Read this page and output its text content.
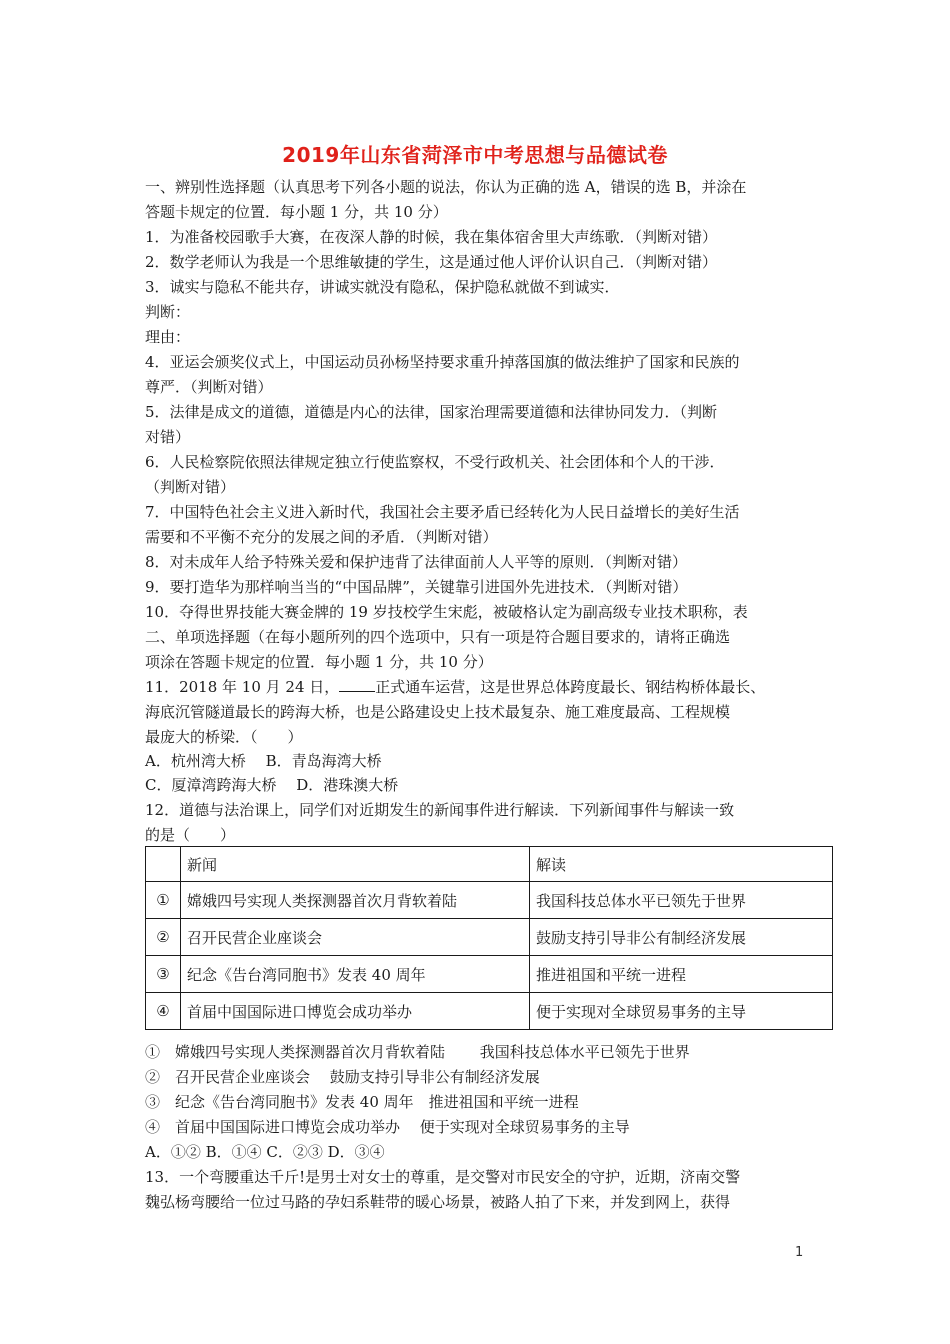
2019年山东省菏泽市中考思想与品德试卷
一、辨别性选择题（认真思考下列各小题的说法，你认为正确的选 A，错误的选 B，并涂在
答题卡规定的位置．每小题 1 分，共 10 分）
1．为准备校园歌手大赛，在夜深人静的时候，我在集体宿舍里大声练歌．（判断对错）
2．数学老师认为我是一个思维敏捷的学生，这是通过他人评价认识自己．（判断对错）
3．诚实与隐私不能共存，讲诚实就没有隐私，保护隐私就做不到诚实．
判断：
理由：
4．亚运会颁奖仪式上，中国运动员孙杨坚持要求重升掉落国旗的做法维护了国家和民族的
尊严．（判断对错）
5．法律是成文的道德，道德是内心的法律，国家治理需要道德和法律协同发力．（判断
对错）
6．人民检察院依照法律规定独立行使监察权，不受行政机关、社会团体和个人的干涉．
（判断对错）
7．中国特色社会主义进入新时代，我国社会主要矛盾已经转化为人民日益增长的美好生活
需要和不平衡不充分的发展之间的矛盾．（判断对错）
8．对未成年人给予特殊关爱和保护违背了法律面前人人平等的原则．（判断对错）
9．要打造华为那样响当当的“中国品牌”，关键靠引进国外先进技术．（判断对错）
10．夺得世界技能大赛金牌的 19 岁技校学生宋彪，被破格认定为副高级专业技术职称，表
二、单项选择题（在每小题所列的四个选项中，只有一项是符合题目要求的，请将正确选
项涂在答题卡规定的位置．每小题 1 分，共 10 分）
11．2018 年 10 月 24 日， 正式通车运营，这是世界总体跨度最长、钢结构桥体最长、
海底沉管隧道最长的跨海大桥，也是公路建设史上技术最复杂、施工难度最高、工程规模
最庞大的桥梁．（　　）
A．杭州湾大桥　 B．青岛海湾大桥
C．厦漳湾跨海大桥　 D．港珠澳大桥
12．道德与法治课上，同学们对近期发生的新闻事件进行解读．下列新闻事件与解读一致
的是（　　）
	新闻	解读
①	嫦娥四号实现人类探测器首次月背软着陆	我国科技总体水平已领先于世界
②	召开民营企业座谈会	鼓励支持引导非公有制经济发展
③	纪念《告台湾同胞书》发表 40 周年	推进祖国和平统一进程
④	首届中国国际进口博览会成功举办	便于实现对全球贸易事务的主导
①　嫦娥四号实现人类探测器首次月背软着陆　　 我国科技总体水平已领先于世界
②　召开民营企业座谈会　 鼓励支持引导非公有制经济发展
③　纪念《告台湾同胞书》发表 40 周年　推进祖国和平统一进程
④　首届中国国际进口博览会成功举办　 便于实现对全球贸易事务的主导
A．①② B．①④ C．②③ D．③④
13．一个弯腰重达千斤!是男士对女士的尊重，是交警对市民安全的守护，近期，济南交警
魏弘杨弯腰给一位过马路的孕妇系鞋带的暖心场景，被路人拍了下来，并发到网上，获得
1
